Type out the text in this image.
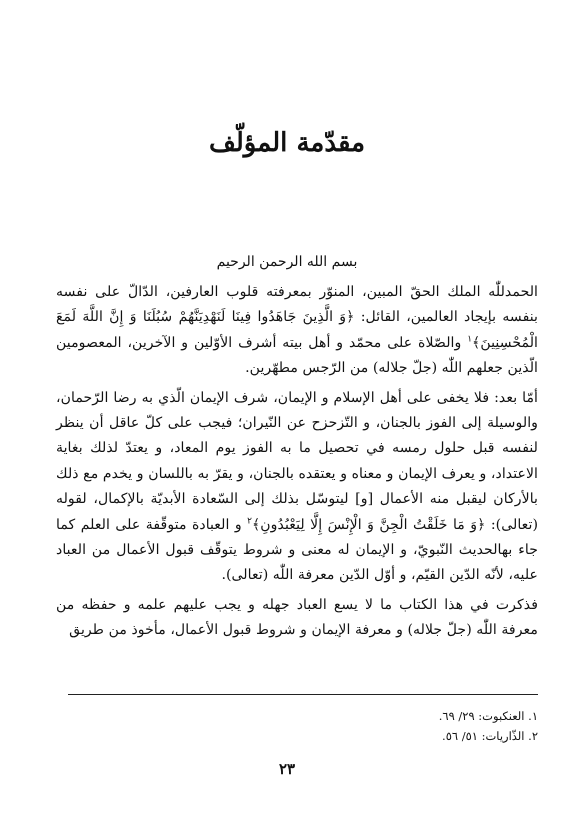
مقدّمة المؤلّف
بسم الله الرحمن الرحيم

الحمدللّٰه الملك الحقّ المبين، المنوّر بمعرفته قلوب العارفين، الدّالّ على نفسه بنفسه بإيجاد العالمين، القائل: ﴿وَ الَّذِينَ جَاهَدُوا فِينَا لَنَهْدِيَنَّهُمْ سُبُلَنَا وَ إِنَّ اللَّهَ لَمَعَ الْمُحْسِنِينَ﴾$^١$ والصّلاة على محمّد و أهل بيته أشرف الأوّلين و الآخرين، المعصومين الّذين جعلهم اللّٰه (جلّ جلاله) من الرّجس مطهّرين.

أمّا بعد: فلا يخفى على أهل الإسلام و الإيمان، شرف الإيمان الّذي به رضا الرّحمان، والوسيلة إلى الفوز بالجنان، و التّزحزح عن النّيران؛ فيجب على كلّ عاقل أن ينظر لنفسه قبل حلول رمسه في تحصيل ما به الفوز يوم المعاد، و يعتدّ لذلك بغاية الاعتداد، و يعرف الإيمان و معناه و يعتقده بالجنان، و يقرّ به باللسان و يخدم مع ذلك بالأركان ليقبل منه الأعمال [و] ليتوسّل بذلك إلى السّعادة الأبديّة بالإكمال، لقوله (تعالى): ﴿وَ مَا خَلَقْتُ الْجِنَّ وَ الْإِنْسَ إِلَّا لِيَعْبُدُونِ﴾$^٢$ و العبادة متوقّفة على العلم كما جاء بهالحديث النّبويّ، و الإيمان له معنى و شروط يتوقّف قبول الأعمال من العباد عليه، لأنّه الدّين القيّم، و أوّل الدّين معرفة اللّٰه (تعالى).

فذكرت في هذا الكتاب ما لا يسع العباد جهله و يجب عليهم علمه و حفظه من معرفة اللّٰه (جلّ جلاله) و معرفة الإيمان و شروط قبول الأعمال، مأخوذ من طريق

١. العنكبوت: ٢٩/ ٦٩.
٢. الذّاريات: ٥١/ ٥٦.
٢٣
